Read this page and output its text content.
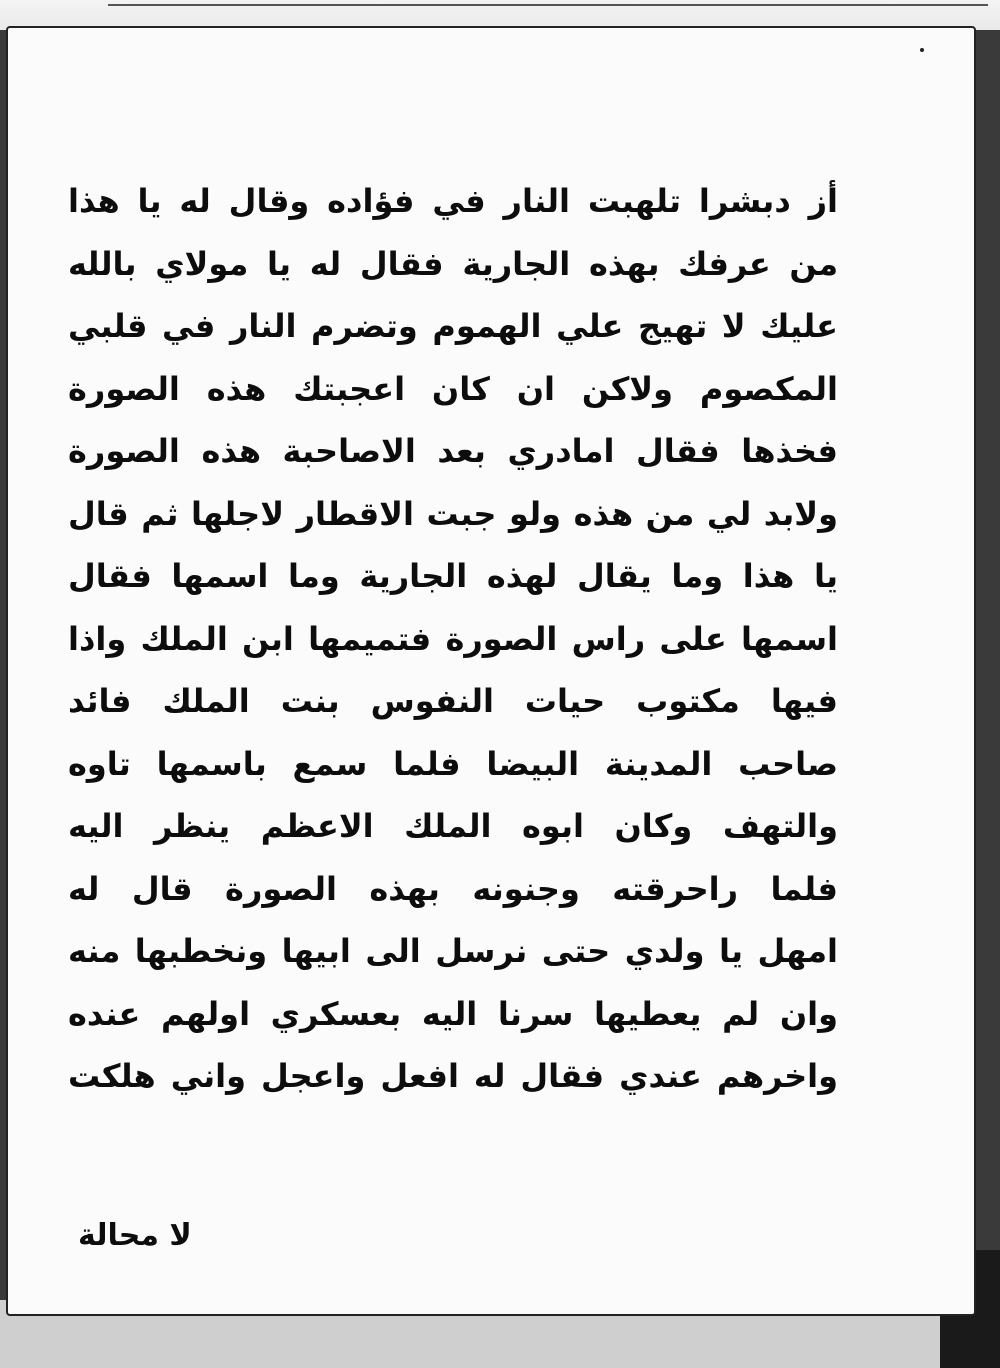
أز دبشرا تلهبت النار في فؤاده وقال له يا هذا
من عرفك بهذه الجارية فقال له يا مولاي بالله
عليك لا تهيج علي الهموم وتضرم النار في قلبي
المكصوم ولاكن ان كان اعجبتك هذه الصورة
فخذها فقال امادري بعد الاصاحبة هذه الصورة
ولابد لي من هذه ولو جبت الاقطار لاجلها ثم قال
يا هذا وما يقال لهذه الجارية وما اسمها فقال
اسمها على راس الصورة فتميمها ابن الملك واذا
فيها مكتوب حيات النفوس بنت الملك فائد
صاحب المدينة البيضا فلما سمع باسمها تاوه
والتهف وكان ابوه الملك الاعظم ينظر اليه
فلما راحرقته وجنونه بهذه الصورة قال له
امهل يا ولدي حتى نرسل الى ابيها ونخطبها منه
وان لم يعطيها سرنا اليه بعسكري اولهم عنده
واخرهم عندي فقال له افعل واعجل واني هلكت
لا محالة
